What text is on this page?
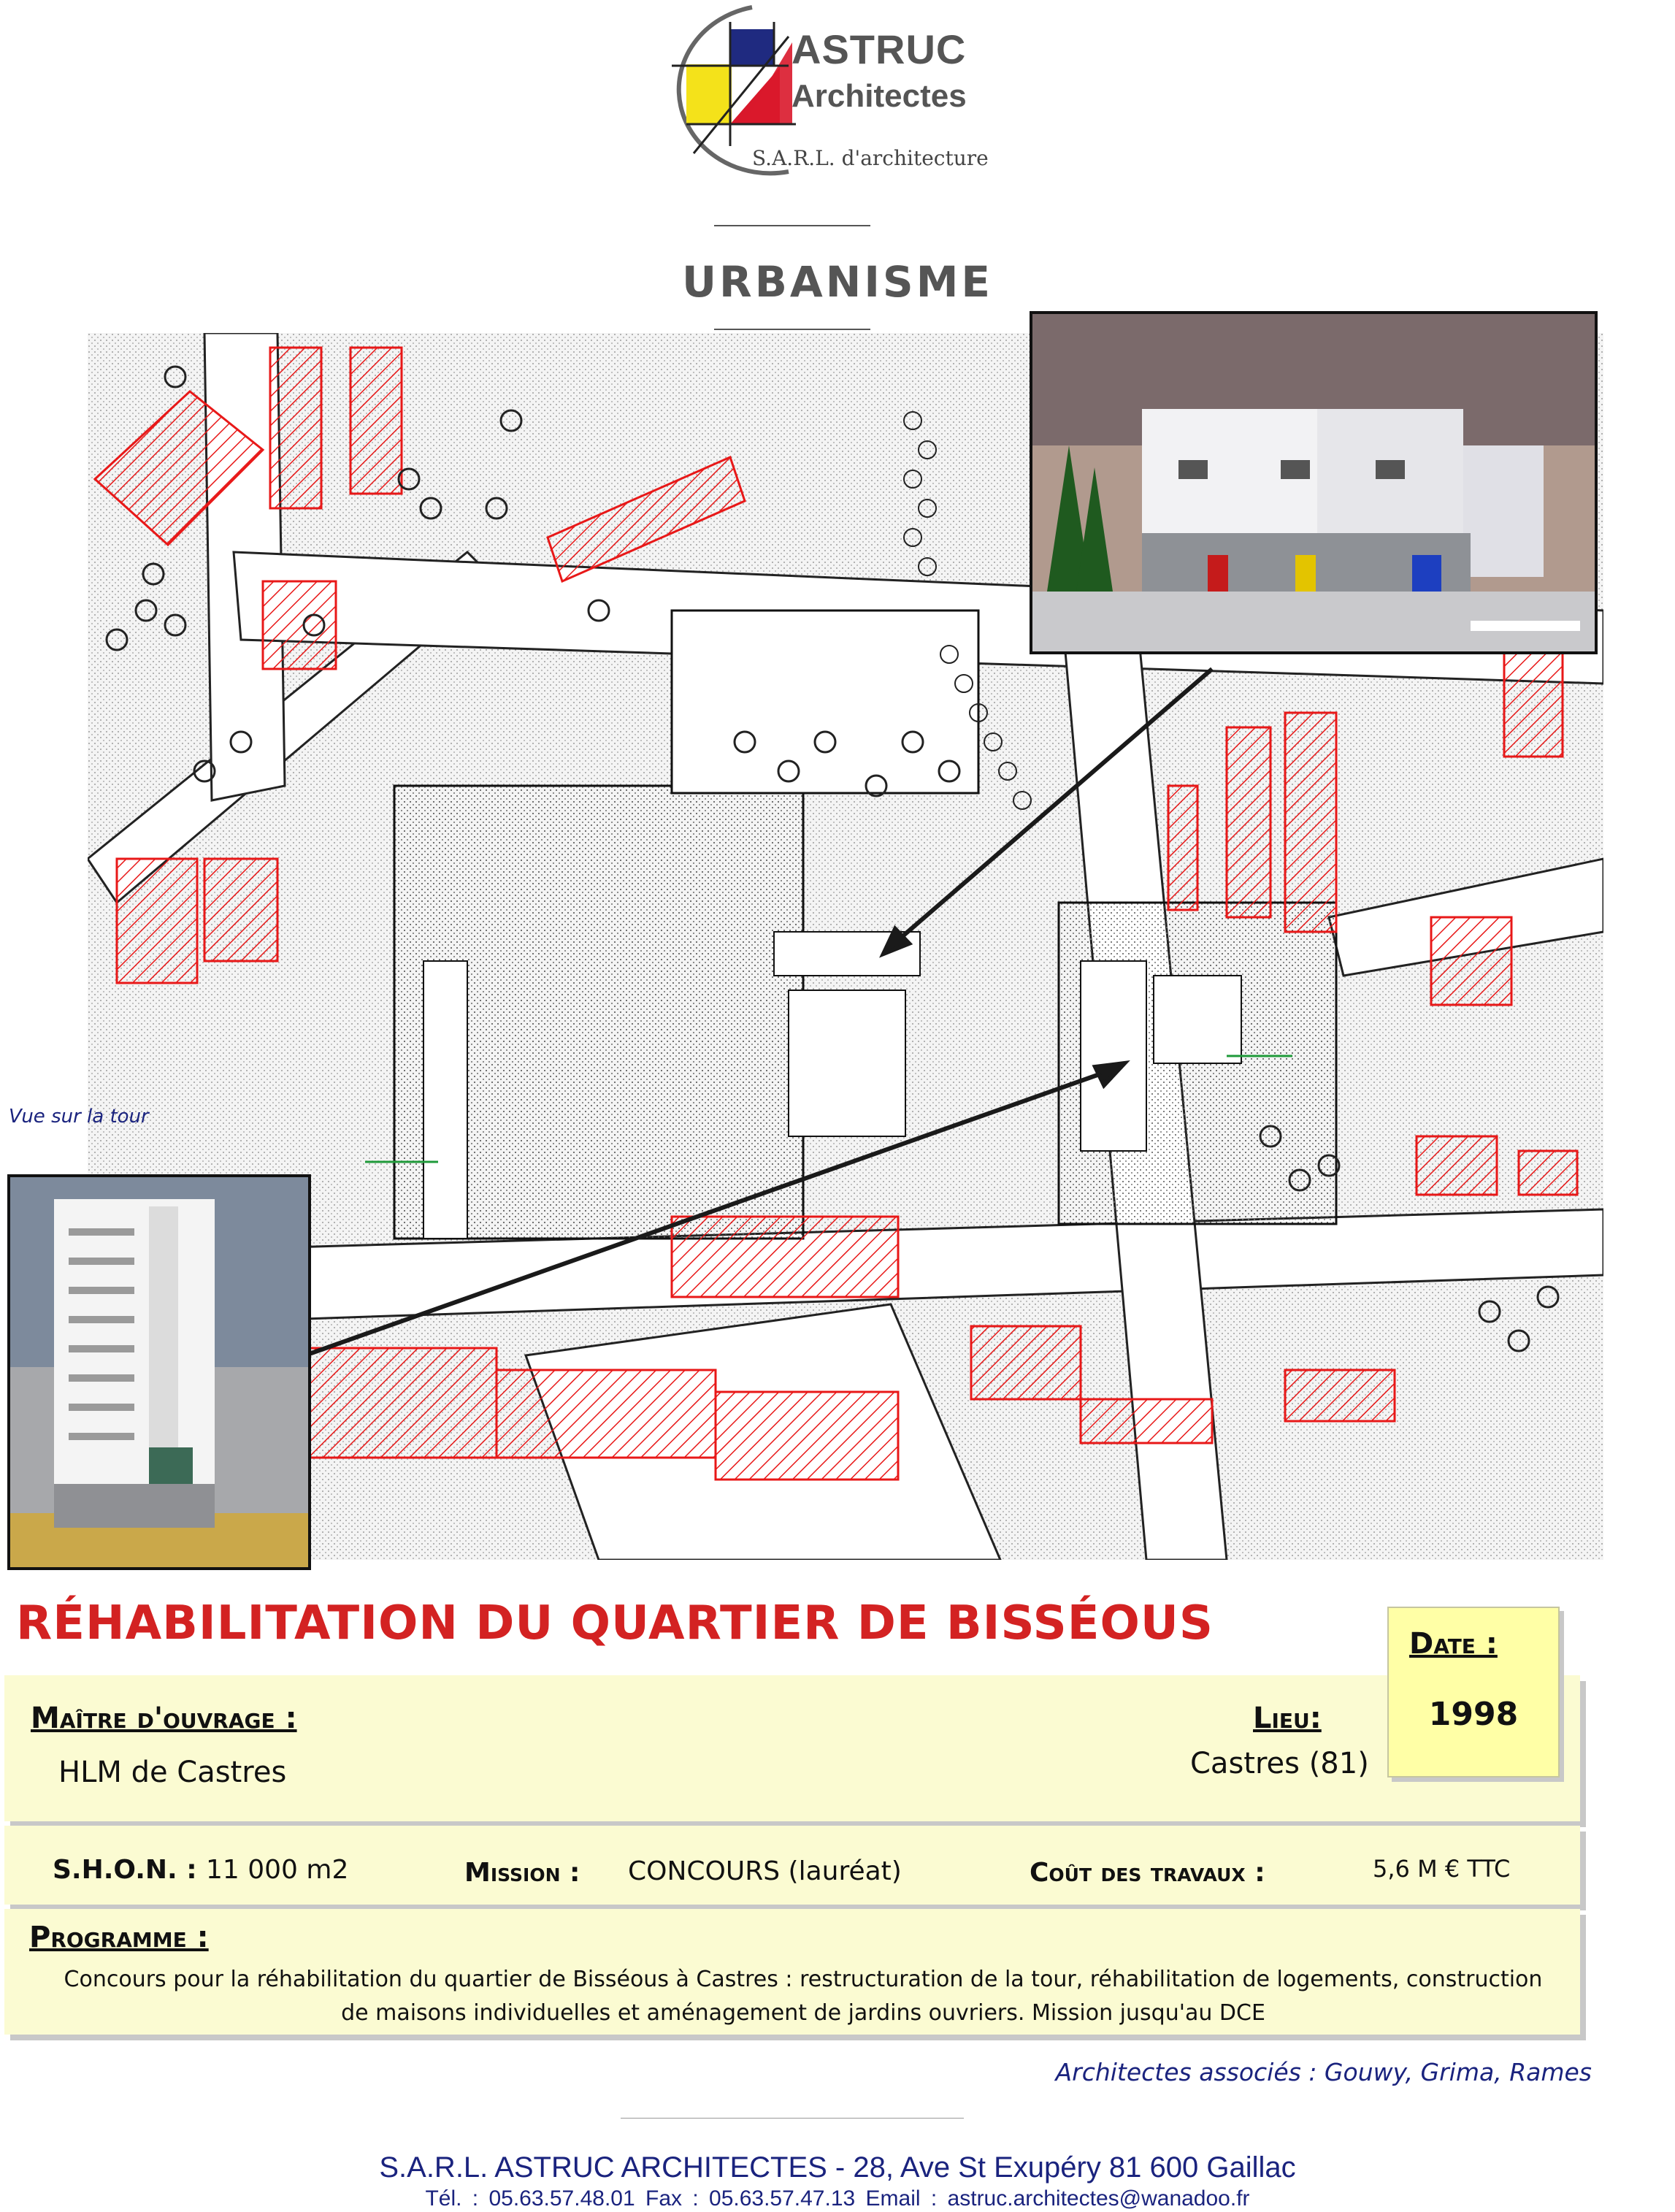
ASTRUC
Architectes
S.A.R.L. d'architecture
URBANISME
Vue sur la tour
RÉHABILITATION DU QUARTIER DE BISSÉOUS	Date :
1998
Maître d'ouvrage :
HLM de Castres
Lieu:
Castres (81)
S.H.O.N. : 11 000 m2	Mission : CONCOURS (lauréat)	Coût des travaux :	5,6 M € TTC
Programme :
Concours pour la réhabilitation du quartier de Bisséous à Castres : restructuration de la tour, réhabilitation de logements, construction
de maisons individuelles et aménagement de jardins ouvriers. Mission jusqu'au DCE
Architectes associés : Gouwy, Grima, Rames
S.A.R.L. ASTRUC ARCHITECTES - 28, Ave St Exupéry 81 600 Gaillac
Tél. : 05.63.57.48.01 Fax : 05.63.57.47.13 Email : astruc.architectes@wanadoo.fr
